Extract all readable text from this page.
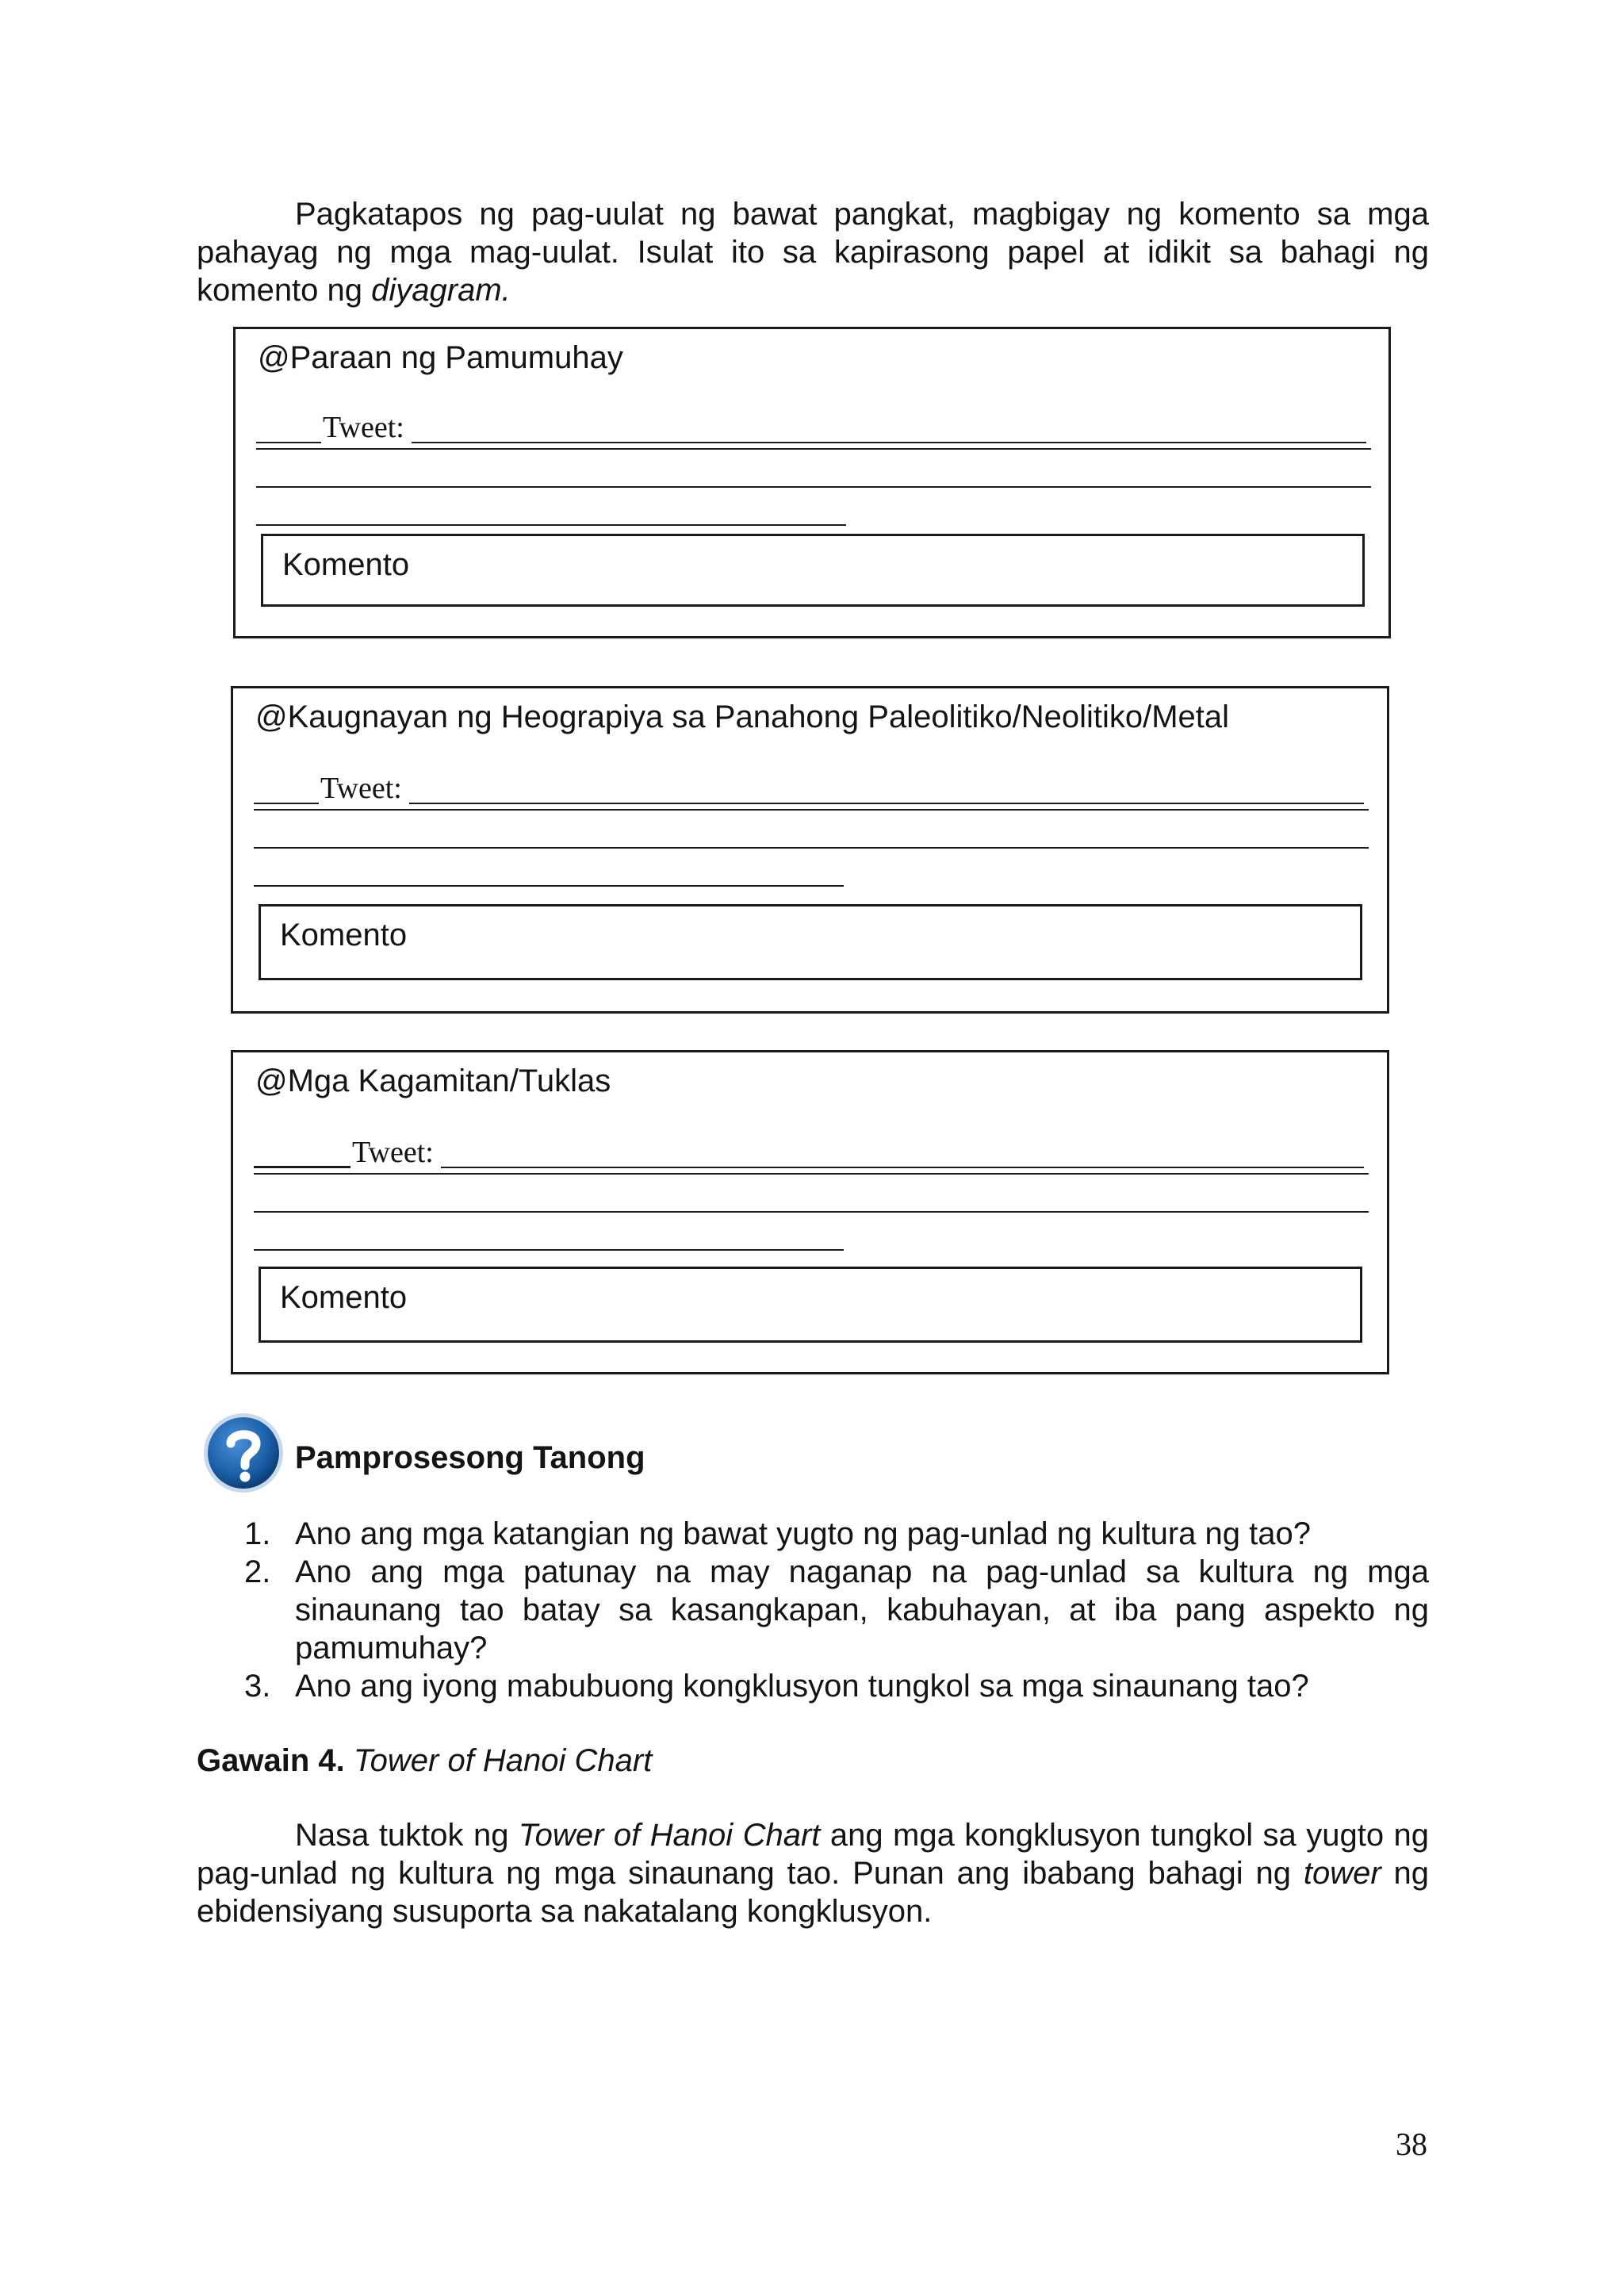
Pagkatapos ng pag-uulat ng bawat pangkat, magbigay ng komento sa mga pahayag ng mga mag-uulat. Isulat ito sa kapirasong papel at idikit sa bahagi ng komento ng diyagram.

@Paraan ng Pamumuhay
Tweet:
Komento
@Kaugnayan ng Heograpiya sa Panahong Paleolitiko/Neolitiko/Metal
Tweet:
Komento
@Mga Kagamitan/Tuklas
Tweet:
Komento
Pamprosesong Tanong
1. Ano ang mga katangian ng bawat yugto ng pag-unlad ng kultura ng tao?
2. Ano ang mga patunay na may naganap na pag-unlad sa kultura ng mga sinaunang tao batay sa kasangkapan, kabuhayan, at iba pang aspekto ng pamumuhay?
3. Ano ang iyong mabubuong kongklusyon tungkol sa mga sinaunang tao?
Gawain 4. Tower of Hanoi Chart

Nasa tuktok ng Tower of Hanoi Chart ang mga kongklusyon tungkol sa yugto ng pag-unlad ng kultura ng mga sinaunang tao. Punan ang ibabang bahagi ng tower ng ebidensiyang susuporta sa nakatalang kongklusyon.

38
